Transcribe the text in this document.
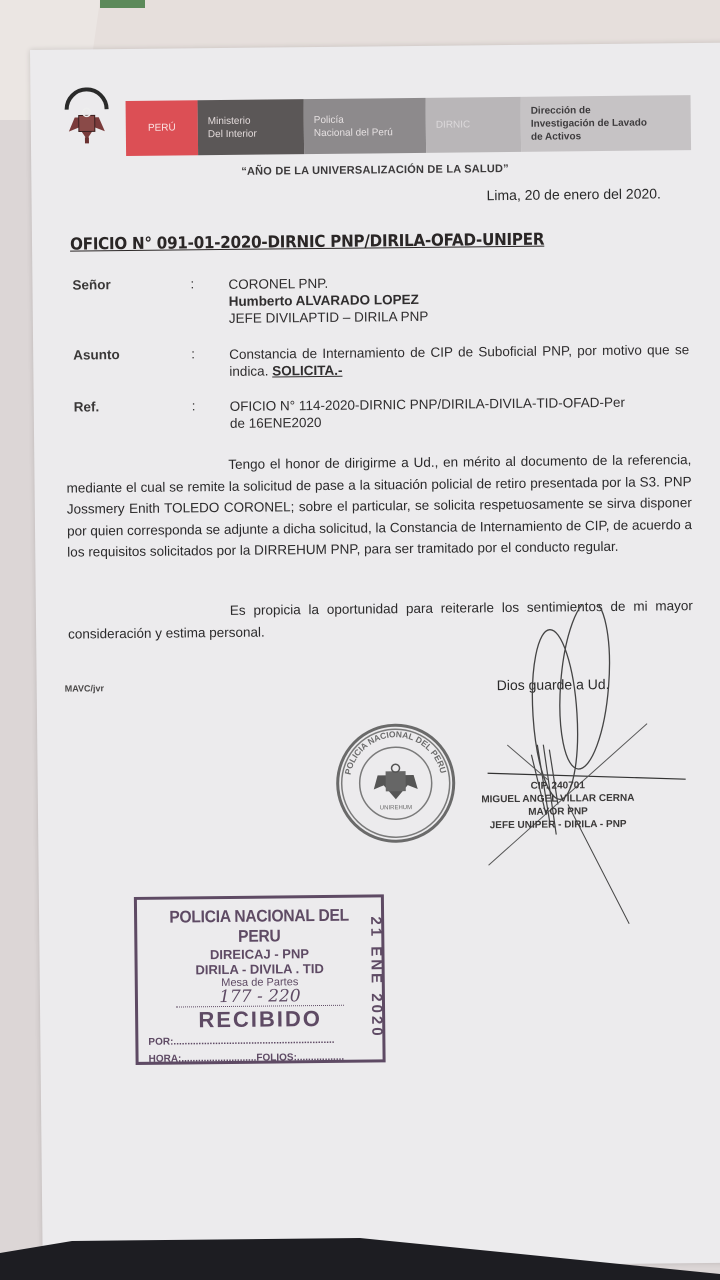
PERÚ
Ministerio
Del Interior
Policía
Nacional del Perú
DIRNIC
Dirección de
Investigación de Lavado
de Activos
“AÑO DE LA UNIVERSALIZACIÓN DE LA SALUD”
Lima, 20 de enero del 2020.
OFICIO N° 091-01-2020-DIRNIC PNP/DIRILA-OFAD-UNIPER
Señor	:	CORONEL PNP.
Humberto ALVARADO LOPEZ
JEFE DIVILAPTID – DIRILA PNP
Asunto	:	Constancia de Internamiento de CIP de Suboficial PNP, por motivo que se indica. SOLICITA.-
Ref.	:	OFICIO N° 114-2020-DIRNIC PNP/DIRILA-DIVILA-TID-OFAD-Per
de 16ENE2020
Tengo el honor de dirigirme a Ud., en mérito al documento de la referencia, mediante el cual se remite la solicitud de pase a la situación policial de retiro presentada por la S3. PNP Jossmery Enith TOLEDO CORONEL; sobre el particular, se solicita respetuosamente se sirva disponer por quien corresponda se adjunte a dicha solicitud, la Constancia de Internamiento de CIP, de acuerdo a los requisitos solicitados por la DIRREHUM PNP, para ser tramitado por el conducto regular.
Es propicia la oportunidad para reiterarle los sentimientos de mi mayor consideración y estima personal.
MAVC/jvr	Dios guarde a Ud.
POLICIA NACIONAL DEL PERU
UNIREHUM
CIP. 240701
MIGUEL ANGEL VILLAR CERNA
MAYOR PNP
JEFE UNIPER - DIRILA - PNP
POLICIA NACIONAL DEL PERU
DIREICAJ - PNP
DIRILA - DIVILA . TID
Mesa de Partes
177 - 220
RECIBIDO
POR:..........................................................
HORA:...........................FOLIOS:.................
21 ENE 2020
